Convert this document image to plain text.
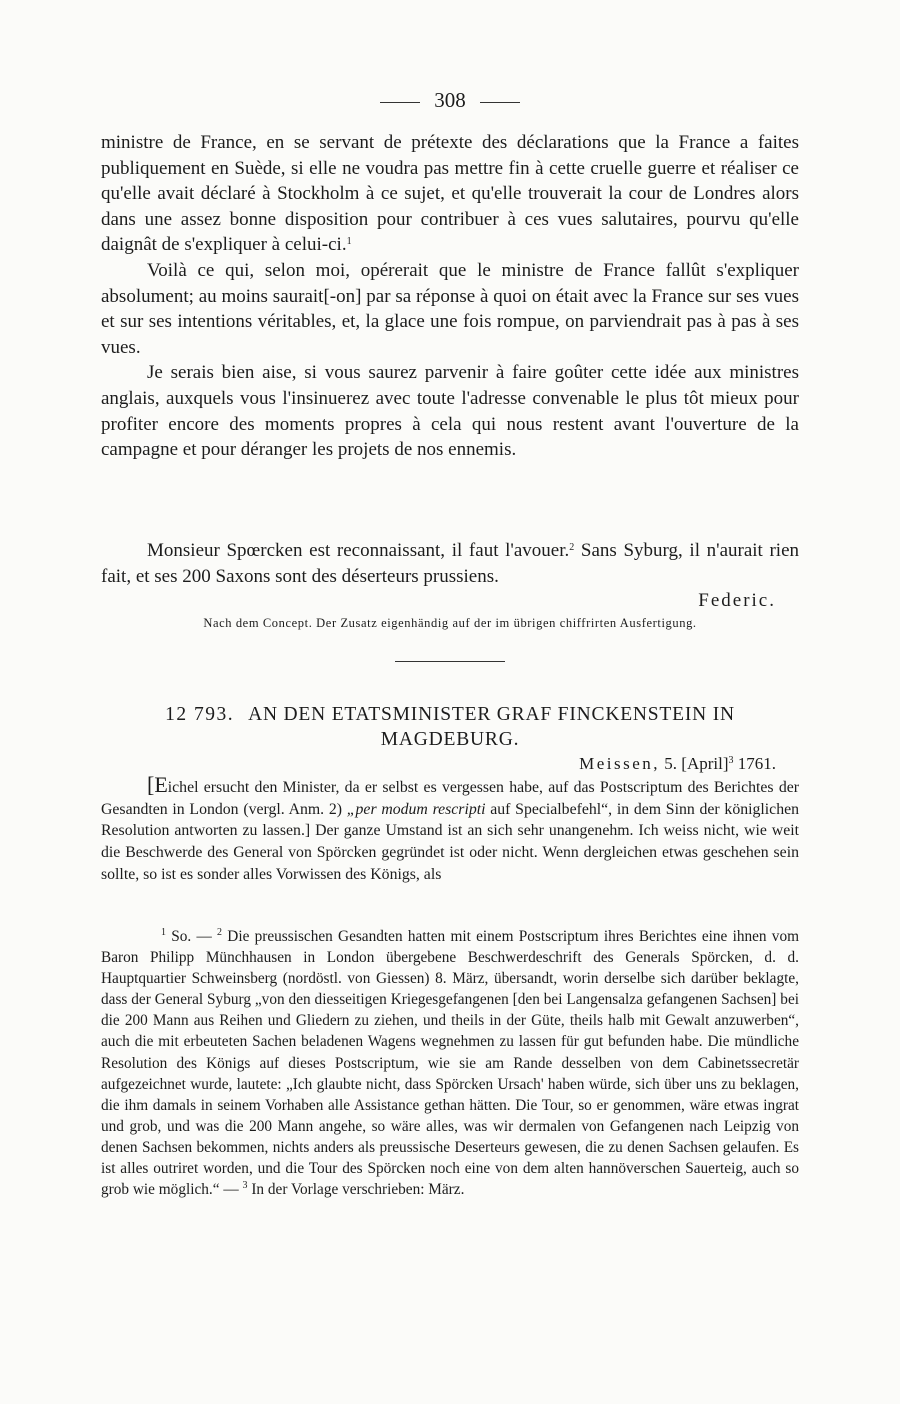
308

ministre de France, en se servant de prétexte des déclarations que la France a faites publiquement en Suède, si elle ne voudra pas mettre fin à cette cruelle guerre et réaliser ce qu'elle avait déclaré à Stockholm à ce sujet, et qu'elle trouverait la cour de Londres alors dans une assez bonne disposition pour contribuer à ces vues salutaires, pourvu qu'elle daignât de s'expliquer à celui-ci.$^1$

Voilà ce qui, selon moi, opérerait que le ministre de France fallût s'expliquer absolument; au moins saurait[-on] par sa réponse à quoi on était avec la France sur ses vues et sur ses intentions véritables, et, la glace une fois rompue, on parviendrait pas à pas à ses vues.

Je serais bien aise, si vous saurez parvenir à faire goûter cette idée aux ministres anglais, auxquels vous l'insinuerez avec toute l'adresse convenable le plus tôt mieux pour profiter encore des moments propres à cela qui nous restent avant l'ouverture de la campagne et pour déranger les projets de nos ennemis.

Monsieur Spœrcken est reconnaissant, il faut l'avouer.$^2$ Sans Syburg, il n'aurait rien fait, et ses 200 Saxons sont des déserteurs prussiens.

Federic.
Nach dem Concept. Der Zusatz eigenhändig auf der im übrigen chiffrirten Ausfertigung.
12 793. AN DEN ETATSMINISTER GRAF FINCKENSTEIN IN MAGDEBURG.
Meissen, 5. [April]$^3$ 1761.

[Eichel ersucht den Minister, da er selbst es vergessen habe, auf das Postscriptum des Berichtes der Gesandten in London (vergl. Anm. 2) „per modum rescripti auf Specialbefehl“, in dem Sinn der königlichen Resolution antworten zu lassen.] Der ganze Umstand ist an sich sehr unangenehm. Ich weiss nicht, wie weit die Beschwerde des General von Spörcken gegründet ist oder nicht. Wenn dergleichen etwas geschehen sein sollte, so ist es sonder alles Vorwissen des Königs, als

$^1$ So. — $^2$ Die preussischen Gesandten hatten mit einem Postscriptum ihres Berichtes eine ihnen vom Baron Philipp Münchhausen in London übergebene Beschwerdeschrift des Generals Spörcken, d. d. Hauptquartier Schweinsberg (nordöstl. von Giessen) 8. März, übersandt, worin derselbe sich darüber beklagte, dass der General Syburg „von den diesseitigen Kriegesgefangenen [den bei Langensalza gefangenen Sachsen] bei die 200 Mann aus Reihen und Gliedern zu ziehen, und theils in der Güte, theils halb mit Gewalt anzuwerben“, auch die mit erbeuteten Sachen beladenen Wagens wegnehmen zu lassen für gut befunden habe. Die mündliche Resolution des Königs auf dieses Postscriptum, wie sie am Rande desselben von dem Cabinetssecretär aufgezeichnet wurde, lautete: „Ich glaubte nicht, dass Spörcken Ursach' haben würde, sich über uns zu beklagen, die ihm damals in seinem Vorhaben alle Assistance gethan hätten. Die Tour, so er genommen, wäre etwas ingrat und grob, und was die 200 Mann angehe, so wäre alles, was wir dermalen von Gefangenen nach Leipzig von denen Sachsen bekommen, nichts anders als preussische Deserteurs gewesen, die zu denen Sachsen gelaufen. Es ist alles outriret worden, und die Tour des Spörcken noch eine von dem alten hannöverschen Sauerteig, auch so grob wie möglich.“ — $^3$ In der Vorlage verschrieben: März.
